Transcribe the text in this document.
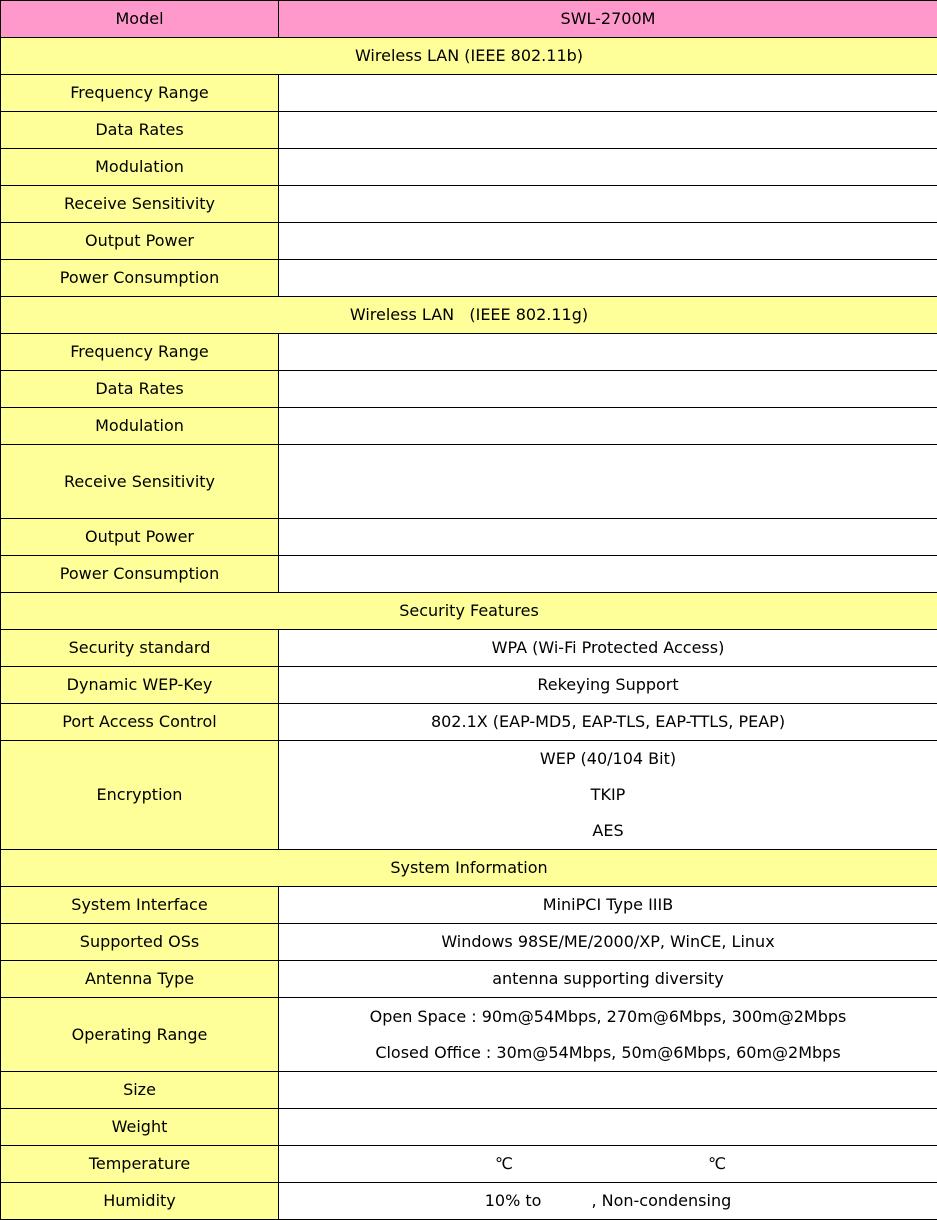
Model	SWL-2700M
Wireless LAN (IEEE 802.11b)	
Frequency Range	
Data Rates	
Modulation	
Receive Sensitivity	
Output Power	
Power Consumption	
Wireless LAN   (IEEE 802.11g)	
Frequency Range	
Data Rates	
Modulation	
Receive Sensitivity	
Output Power	
Power Consumption	
Security Features	
Security standard	WPA (Wi-Fi Protected Access)
Dynamic WEP-Key	Rekeying Support
Port Access Control	802.1X (EAP-MD5, EAP-TLS, EAP-TTLS, PEAP)
Encryption	WEP (40/104 Bit)
TKIP
AES

System Information	
System Interface	MiniPCI Type IIIB
Supported OSs	Windows 98SE/ME/2000/XP, WinCE, Linux
Antenna Type	antenna supporting diversity
Operating Range	Open Space : 90m@54Mbps, 270m@6Mbps, 300m@2Mbps
Closed Office : 30m@54Mbps, 50m@6Mbps, 60m@2Mbps

Size	
Weight	
Temperature	℃ ℃
Humidity	10% to , Non-condensing
